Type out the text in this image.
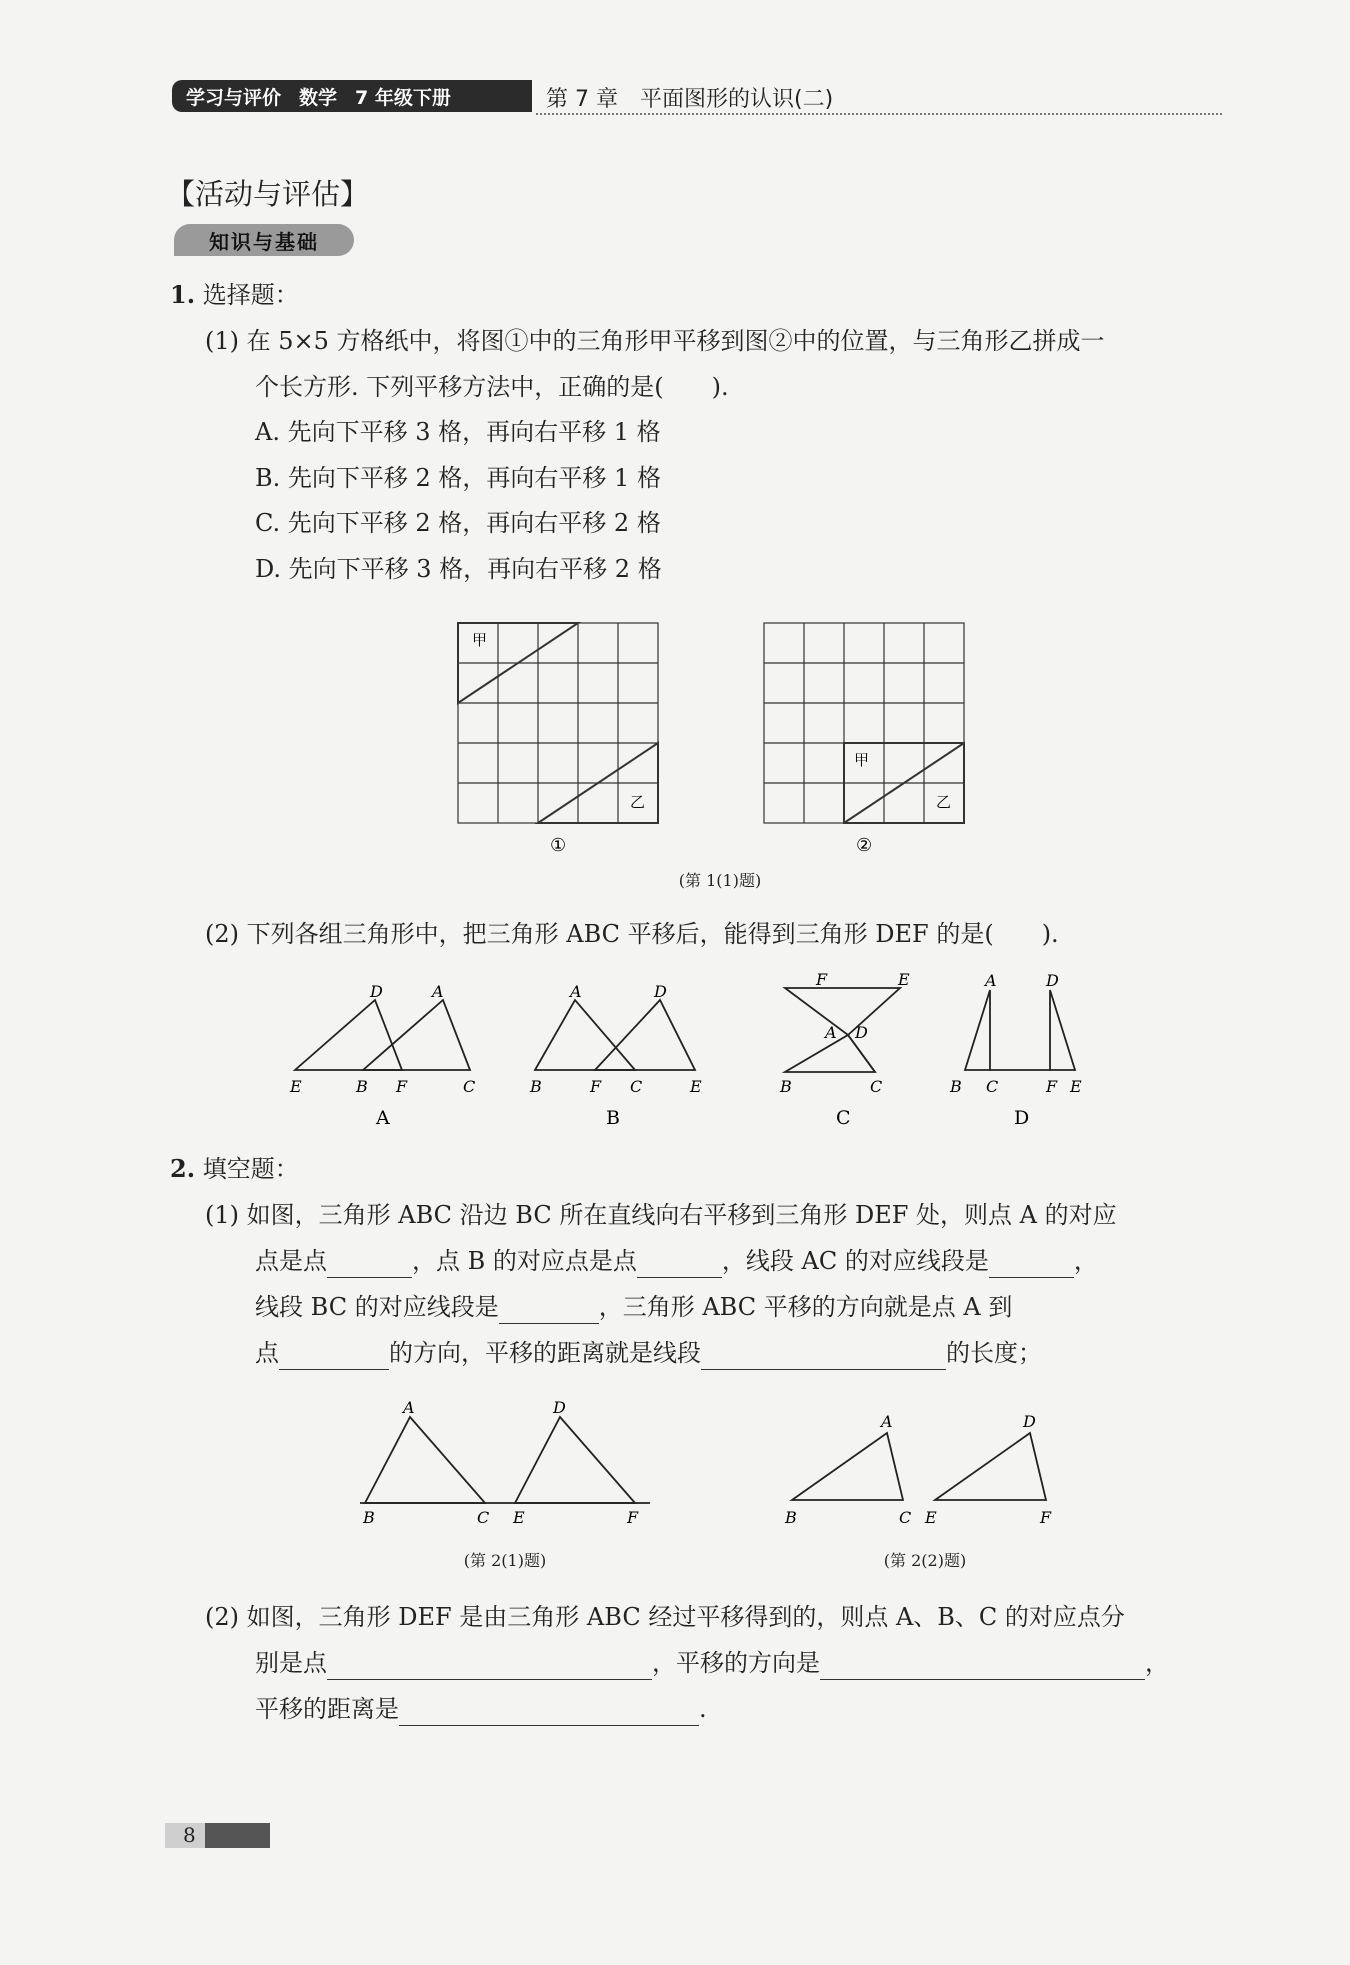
学习与评价 数学 7 年级下册	第 7 章　平面图形的认识(二)
【活动与评估】
知识与基础
1. 选择题：
(1) 在 5×5 方格纸中，将图①中的三角形甲平移到图②中的位置，与三角形乙拼成一
个长方形. 下列平移方法中，正确的是(　　).
A. 先向下平移 3 格，再向右平移 1 格
B. 先向下平移 2 格，再向右平移 1 格
C. 先向下平移 2 格，再向右平移 2 格
D. 先向下平移 3 格，再向右平移 2 格
甲
乙
①
甲
乙
②
(第 1(1)题)
(2) 下列各组三角形中，把三角形 ABC 平移后，能得到三角形 DEF 的是(　　).
D	A
E	B F	C
A
A	D
B	F C	E
B
F	E
A D
B	C
C
A	D
B C	F E
D
2. 填空题：
(1) 如图，三角形 ABC 沿边 BC 所在直线向右平移到三角形 DEF 处，则点 A 的对应
点是点	，点 B 的对应点是点	，线段 AC 的对应线段是	，
线段 BC 的对应线段是	，三角形 ABC 平移的方向就是点 A 到
点	的方向，平移的距离就是线段	的长度；
A	D
B	C E	F
A	D
B	C E	F
(第 2(1)题)	(第 2(2)题)
(2) 如图，三角形 DEF 是由三角形 ABC 经过平移得到的，则点 A、B、C 的对应点分
别是点	，平移的方向是	，
平移的距离是	.
8
